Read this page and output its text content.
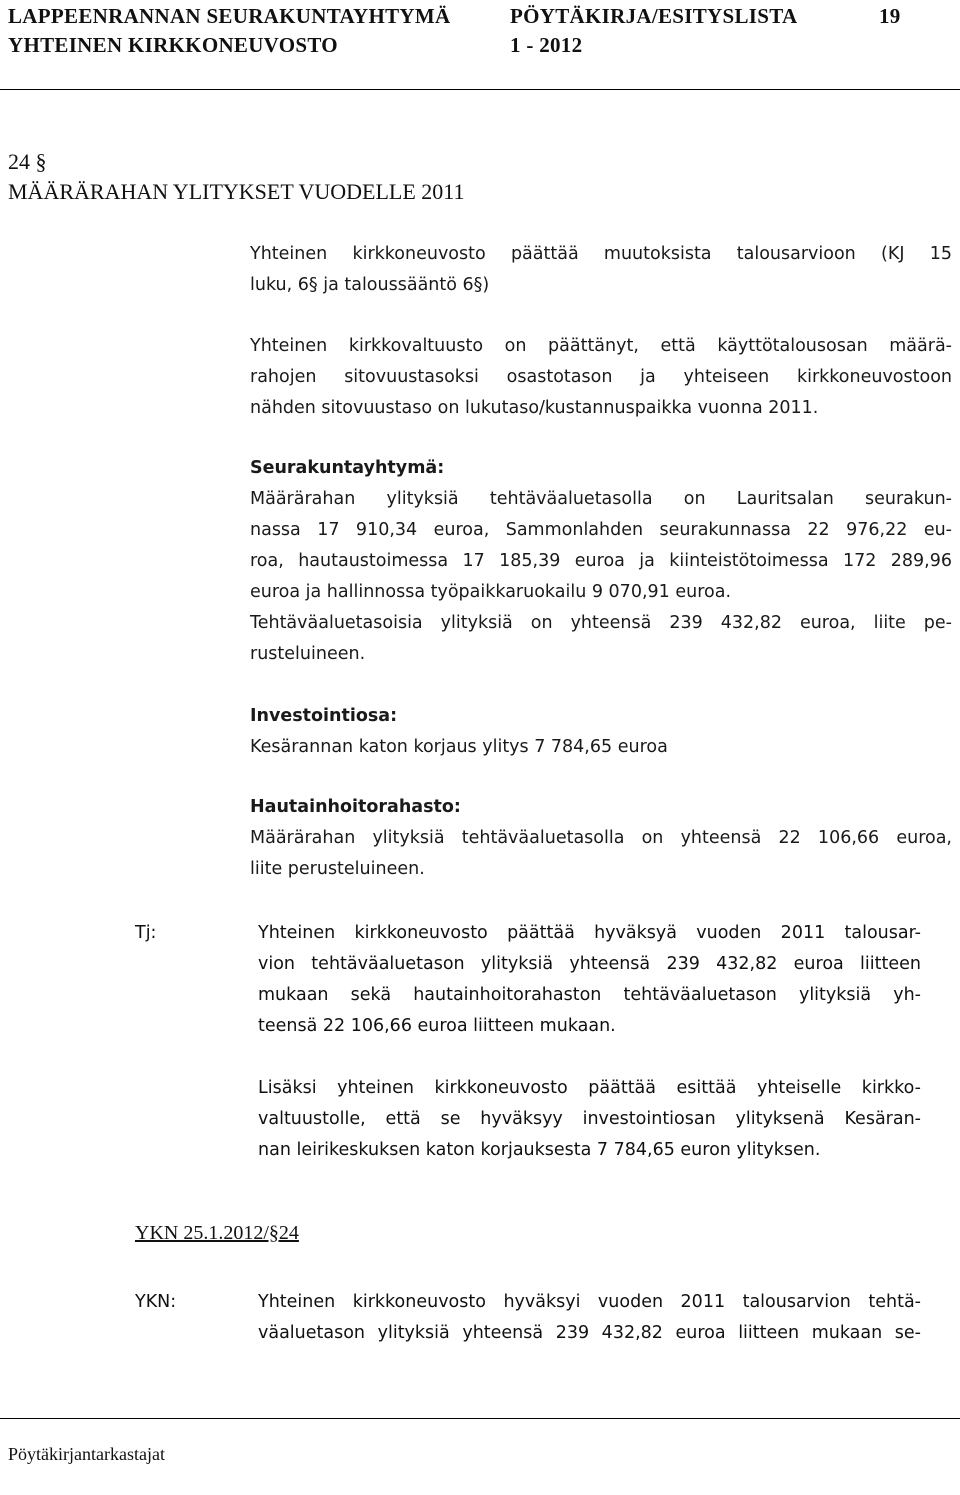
LAPPEENRANNAN SEURAKUNTAYHTYMÄ	PÖYTÄKIRJA/ESITYSLISTA	19
YHTEINEN KIRKKONEUVOSTO	1 - 2012
24 §
MÄÄRÄRAHAN YLITYKSET VUODELLE 2011
Yhteinen kirkkoneuvosto päättää muutoksista talousarvioon (KJ 15
luku, 6§ ja taloussääntö 6§)
Yhteinen kirkkovaltuusto on päättänyt, että käyttötalousosan määrä-
rahojen sitovuustasoksi osastotason ja yhteiseen kirkkoneuvostoon
nähden sitovuustaso on lukutaso/kustannuspaikka vuonna 2011.
Seurakuntayhtymä:
Määrärahan ylityksiä tehtäväaluetasolla on Lauritsalan seurakun-
nassa 17 910,34 euroa, Sammonlahden seurakunnassa 22 976,22 eu-
roa, hautaustoimessa 17 185,39 euroa ja kiinteistötoimessa 172 289,96
euroa ja hallinnossa työpaikkaruokailu 9 070,91 euroa.
Tehtäväaluetasoisia ylityksiä on yhteensä 239 432,82 euroa, liite pe-
rusteluineen.
Investointiosa:
Kesärannan katon korjaus ylitys 7 784,65 euroa
Hautainhoitorahasto:
Määrärahan ylityksiä tehtäväaluetasolla on yhteensä 22 106,66 euroa,
liite perusteluineen.
Tj:	Yhteinen kirkkoneuvosto päättää hyväksyä vuoden 2011 talousar-
vion tehtäväaluetason ylityksiä yhteensä 239 432,82 euroa liitteen
mukaan sekä hautainhoitorahaston tehtäväaluetason ylityksiä yh-
teensä 22 106,66 euroa liitteen mukaan.
Lisäksi yhteinen kirkkoneuvosto päättää esittää yhteiselle kirkko-
valtuustolle, että se hyväksyy investointiosan ylityksenä Kesäran-
nan leirikeskuksen katon korjauksesta 7 784,65 euron ylityksen.
YKN 25.1.2012/§24
YKN:	Yhteinen kirkkoneuvosto hyväksyi vuoden 2011 talousarvion tehtä-
väaluetason ylityksiä yhteensä 239 432,82 euroa liitteen mukaan se-
Pöytäkirjantarkastajat
